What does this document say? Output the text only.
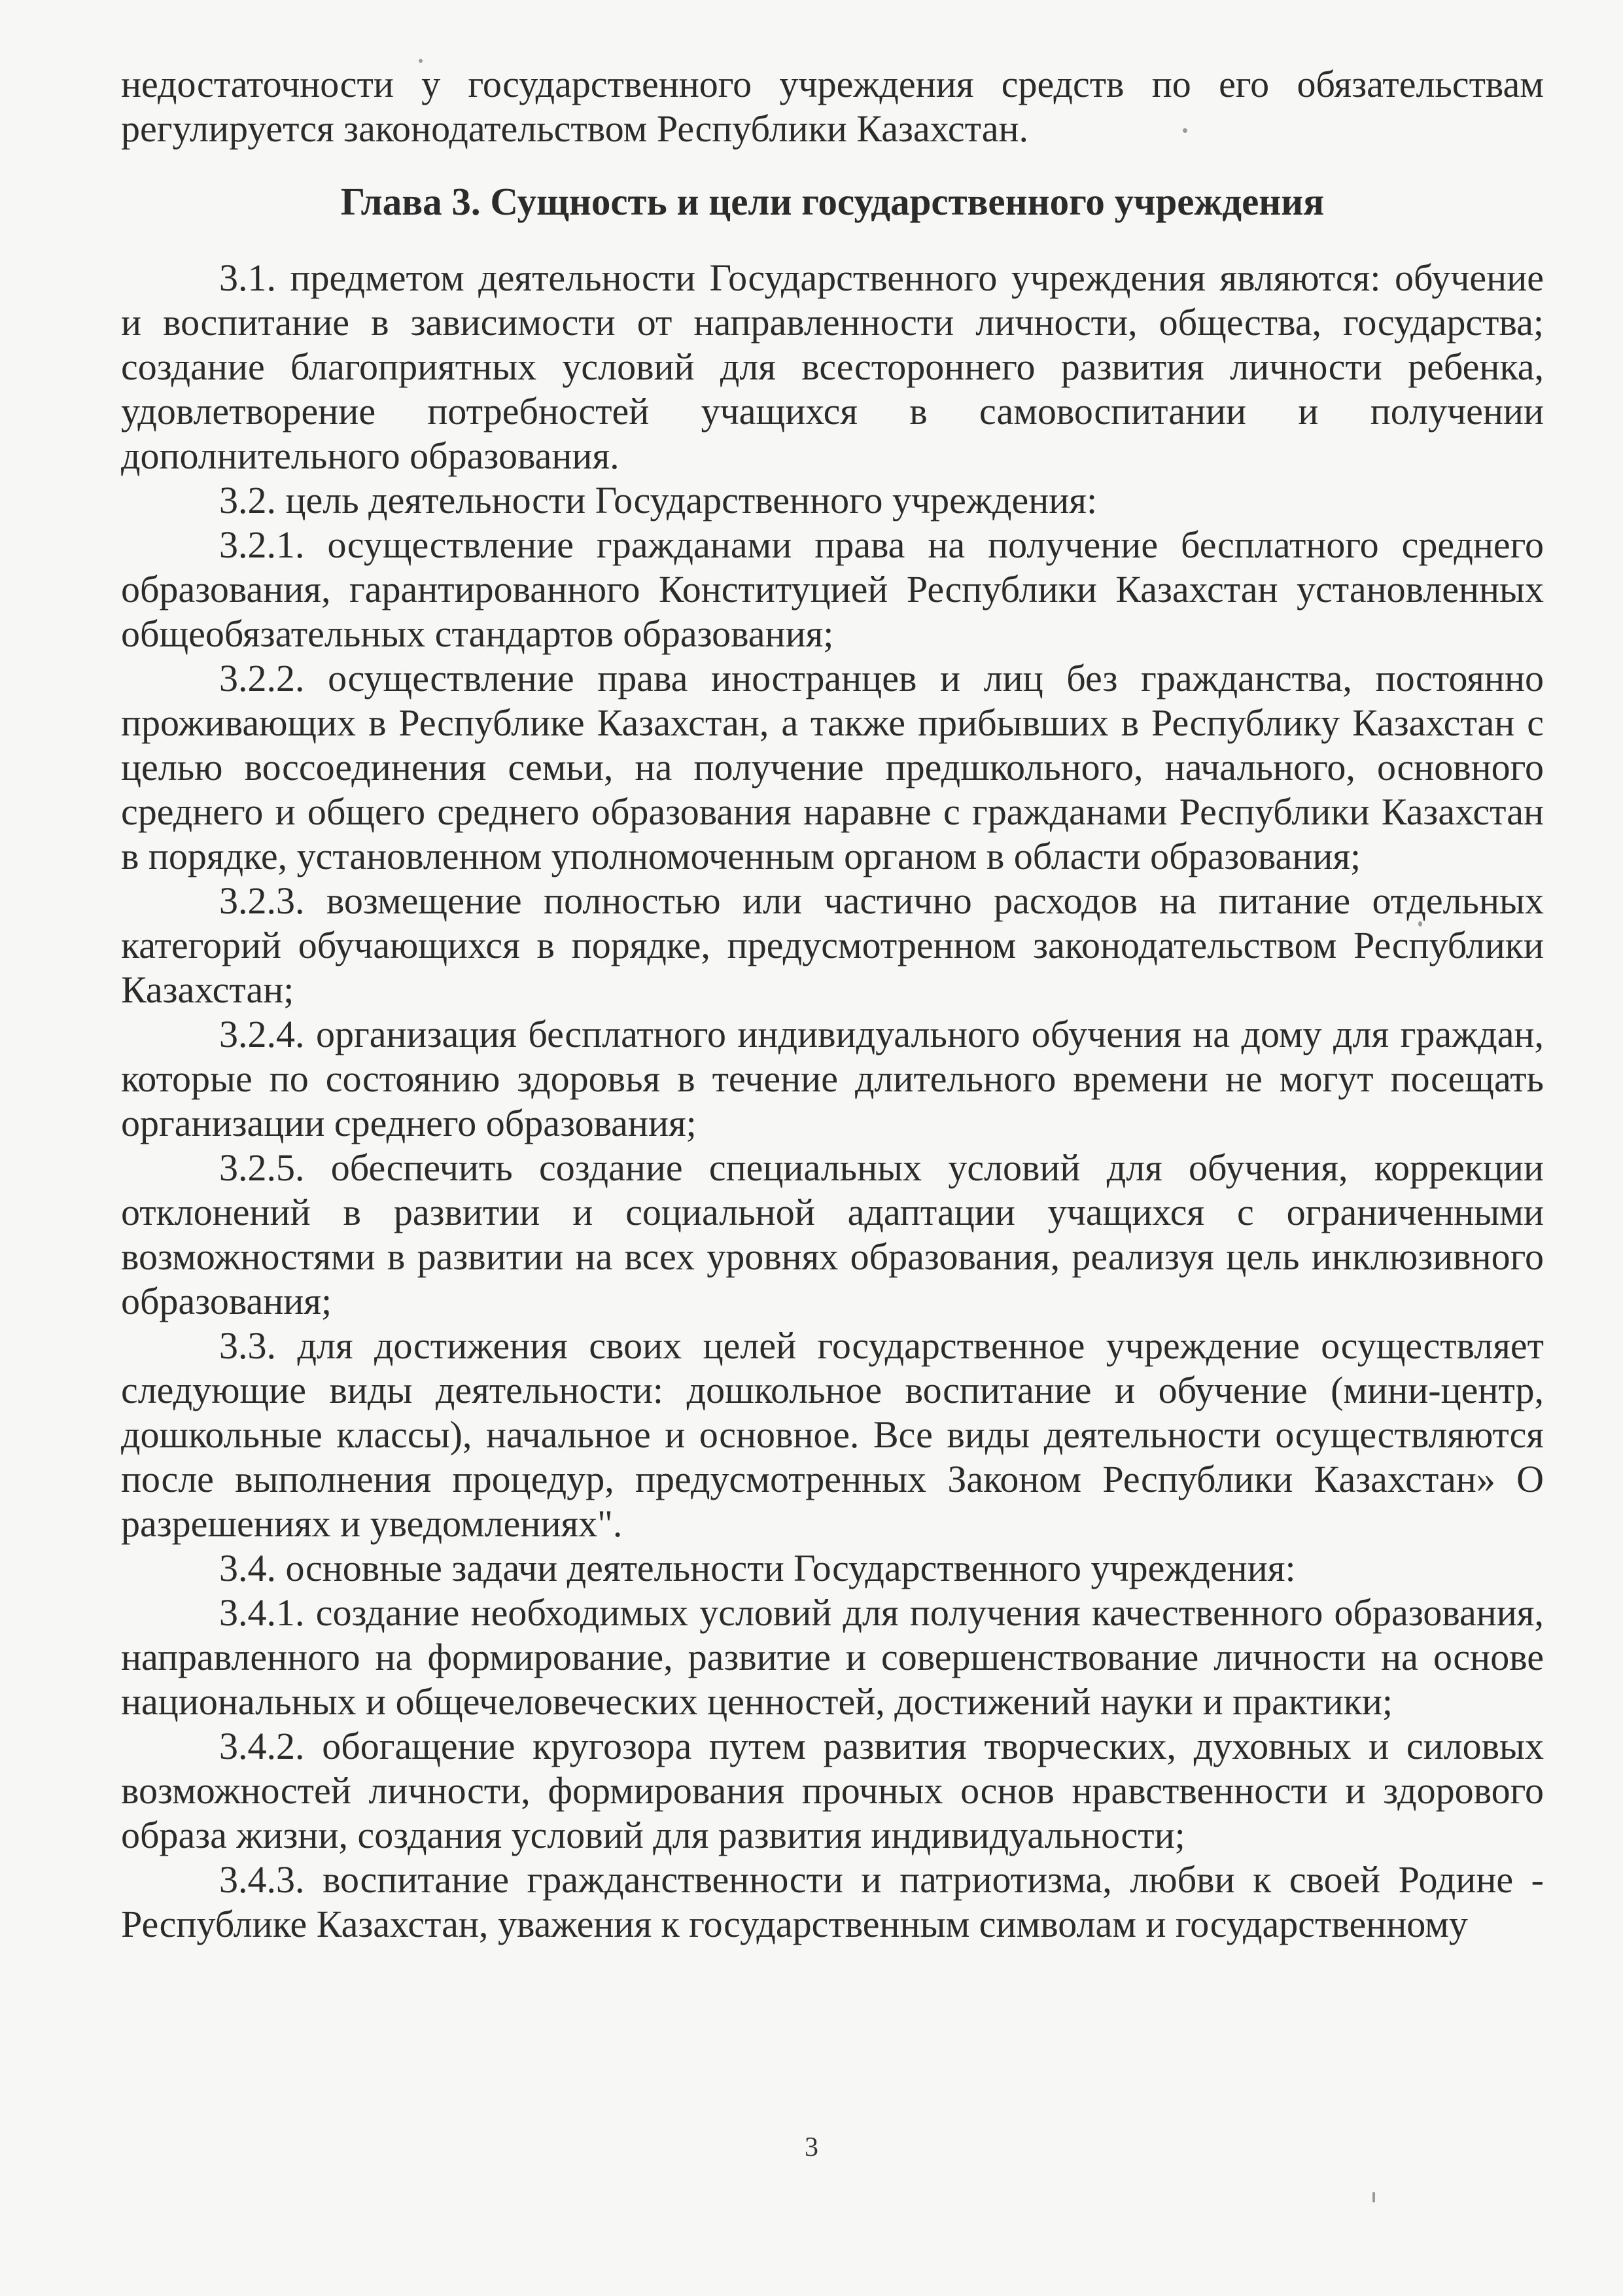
недостаточности у государственного учреждения средств по его обязательствам регулируется законодательством Республики Казахстан.

Глава 3. Сущность и цели государственного учреждения

3.1. предметом деятельности Государственного учреждения являются: обучение и воспитание в зависимости от направленности личности, общества, государства; создание благоприятных условий для всестороннего развития личности ребенка, удовлетворение потребностей учащихся в самовоспитании и получении дополнительного образования.

3.2. цель деятельности Государственного учреждения:

3.2.1. осуществление гражданами права на получение бесплатного среднего образования, гарантированного Конституцией Республики Казахстан установленных общеобязательных стандартов образования;

3.2.2. осуществление права иностранцев и лиц без гражданства, постоянно проживающих в Республике Казахстан, а также прибывших в Республику Казахстан с целью воссоединения семьи, на получение предшкольного, начального, основного среднего и общего среднего образования наравне с гражданами Республики Казахстан в порядке, установленном уполномоченным органом в области образования;

3.2.3. возмещение полностью или частично расходов на питание отдельных категорий обучающихся в порядке, предусмотренном законодательством Республики Казахстан;

3.2.4. организация бесплатного индивидуального обучения на дому для граждан, которые по состоянию здоровья в течение длительного времени не могут посещать организации среднего образования;

3.2.5. обеспечить создание специальных условий для обучения, коррекции отклонений в развитии и социальной адаптации учащихся с ограниченными возможностями в развитии на всех уровнях образования, реализуя цель инклюзивного образования;

3.3. для достижения своих целей государственное учреждение осуществляет следующие виды деятельности: дошкольное воспитание и обучение (мини-центр, дошкольные классы), начальное и основное. Все виды деятельности осуществляются после выполнения процедур, предусмотренных Законом Республики Казахстан» О разрешениях и уведомлениях".

3.4. основные задачи деятельности Государственного учреждения:

3.4.1. создание необходимых условий для получения качественного образования, направленного на формирование, развитие и совершенствование личности на основе национальных и общечеловеческих ценностей, достижений науки и практики;

3.4.2. обогащение кругозора путем развития творческих, духовных и силовых возможностей личности, формирования прочных основ нравственности и здорового образа жизни, создания условий для развития индивидуальности;

3.4.3. воспитание гражданственности и патриотизма, любви к своей Родине - Республике Казахстан, уважения к государственным символам и государственному

3
